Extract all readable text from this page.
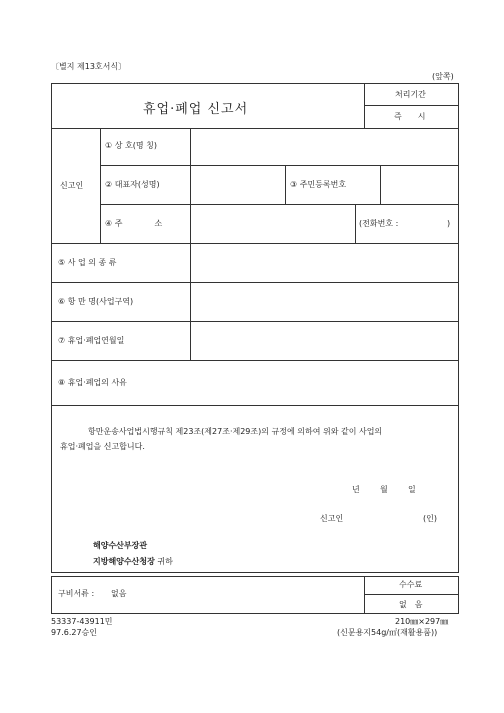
〔별지 제13호서식〕
(앞쪽)
휴업·폐업 신고서
처리기간
즉　　시
신고인
① 상 호(명 칭)
② 대표자(성명)	③ 주민등록번호
④ 주　　　　소	(전화번호 :	)
⑤ 사 업 의 종 류
⑥ 항 만 명(사업구역)
⑦ 휴업·폐업연월일
⑧ 휴업·폐업의 사유
항만운송사업법시행규칙 제23조(제27조·제29조)의 규정에 의하여 위와 같이 사업의
휴업·폐업을 신고합니다.
년	월	일
신고인	(인)
해양수산부장관
지방해양수산청장 귀하
구비서류 : 없음
수수료
없　음
53337-43911민
97.6.27승인
210㎜×297㎜
(신문용지54g/㎡(재활용품))
